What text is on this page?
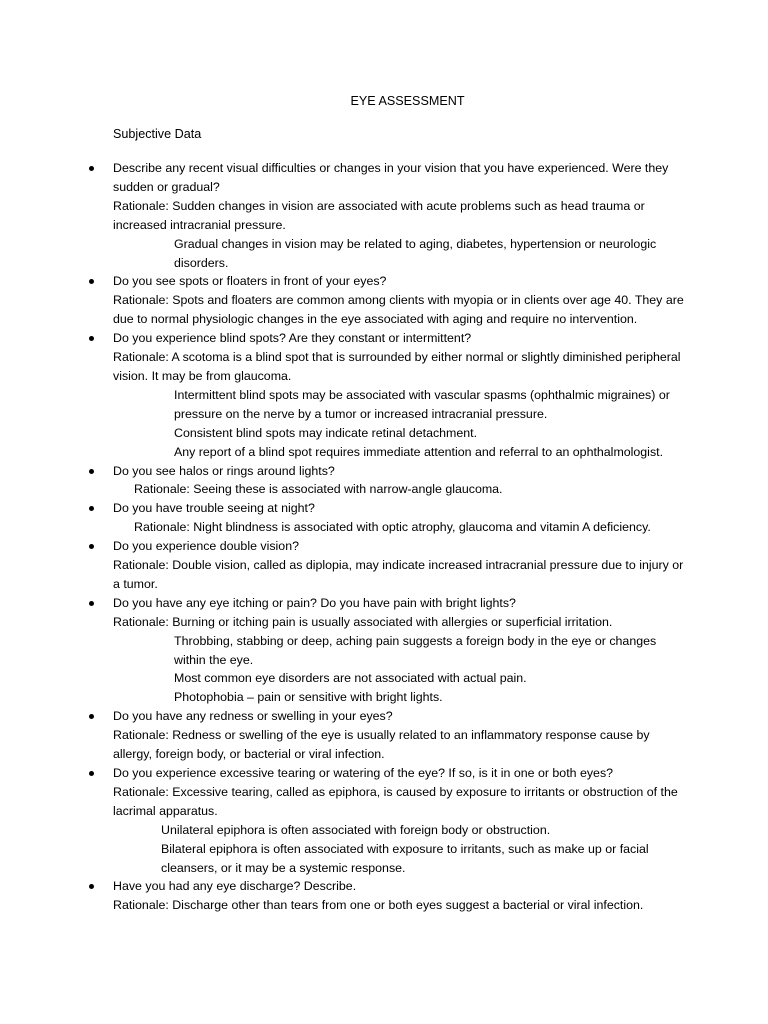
EYE ASSESSMENT
Subjective Data

Describe any recent visual difficulties or changes in your vision that you have experienced. Were they sudden or gradual?

Rationale: Sudden changes in vision are associated with acute problems such as head trauma or increased intracranial pressure.

Gradual changes in vision may be related to aging, diabetes, hypertension or neurologic disorders.

Do you see spots or floaters in front of your eyes?

Rationale: Spots and floaters are common among clients with myopia or in clients over age 40. They are due to normal physiologic changes in the eye associated with aging and require no intervention.

Do you experience blind spots? Are they constant or intermittent?

Rationale: A scotoma is a blind spot that is surrounded by either normal or slightly diminished peripheral vision. It may be from glaucoma.

Intermittent blind spots may be associated with vascular spasms (ophthalmic migraines) or pressure on the nerve by a tumor or increased intracranial pressure.

Consistent blind spots may indicate retinal detachment.

Any report of a blind spot requires immediate attention and referral to an ophthalmologist.

Do you see halos or rings around lights?

Rationale: Seeing these is associated with narrow-angle glaucoma.

Do you have trouble seeing at night?

Rationale: Night blindness is associated with optic atrophy, glaucoma and vitamin A deficiency.

Do you experience double vision?

Rationale: Double vision, called as diplopia, may indicate increased intracranial pressure due to injury or a tumor.

Do you have any eye itching or pain? Do you have pain with bright lights?

Rationale: Burning or itching pain is usually associated with allergies or superficial irritation.

Throbbing, stabbing or deep, aching pain suggests a foreign body in the eye or changes within the eye.

Most common eye disorders are not associated with actual pain.

Photophobia – pain or sensitive with bright lights.

Do you have any redness or swelling in your eyes?

Rationale: Redness or swelling of the eye is usually related to an inflammatory response cause by allergy, foreign body, or bacterial or viral infection.

Do you experience excessive tearing or watering of the eye? If so, is it in one or both eyes?

Rationale: Excessive tearing, called as epiphora, is caused by exposure to irritants or obstruction of the lacrimal apparatus.

Unilateral epiphora is often associated with foreign body or obstruction.

Bilateral epiphora is often associated with exposure to irritants, such as make up or facial cleansers, or it may be a systemic response.

Have you had any eye discharge? Describe.

Rationale: Discharge other than tears from one or both eyes suggest a bacterial or viral infection.
